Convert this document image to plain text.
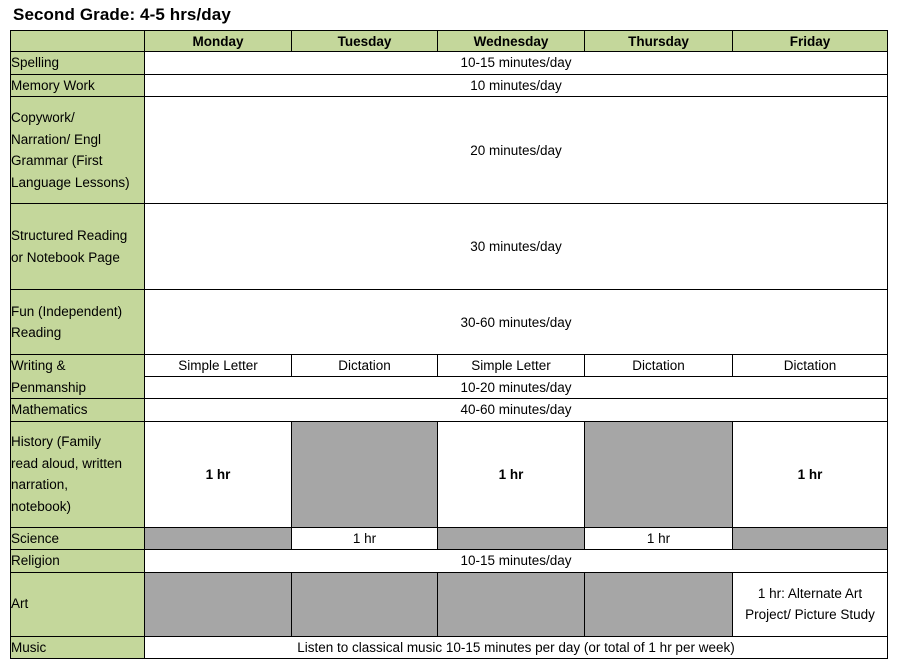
Second Grade: 4-5 hrs/day
	Monday	Tuesday	Wednesday	Thursday	Friday
Spelling	10-15 minutes/day				
Memory Work	10 minutes/day				

Copywork/
Narration/ Engl
Grammar (First
Language Lessons)	20 minutes/day				

Structured Reading
or Notebook Page	30 minutes/day				

Fun (Independent)
Reading	30-60 minutes/day				

Writing &
Penmanship	Simple Letter	Dictation	Simple Letter	Dictation	Dictation
	10-20 minutes/day				
Mathematics	40-60 minutes/day				

History (Family
read aloud, written
narration,
notebook)	1 hr		1 hr		1 hr
Science		1 hr		1 hr	
Religion	10-15 minutes/day				
Art					1 hr: Alternate Art
Project/ Picture Study

Music	Listen to classical music 10-15 minutes per day (or total of 1 hr per week)				
